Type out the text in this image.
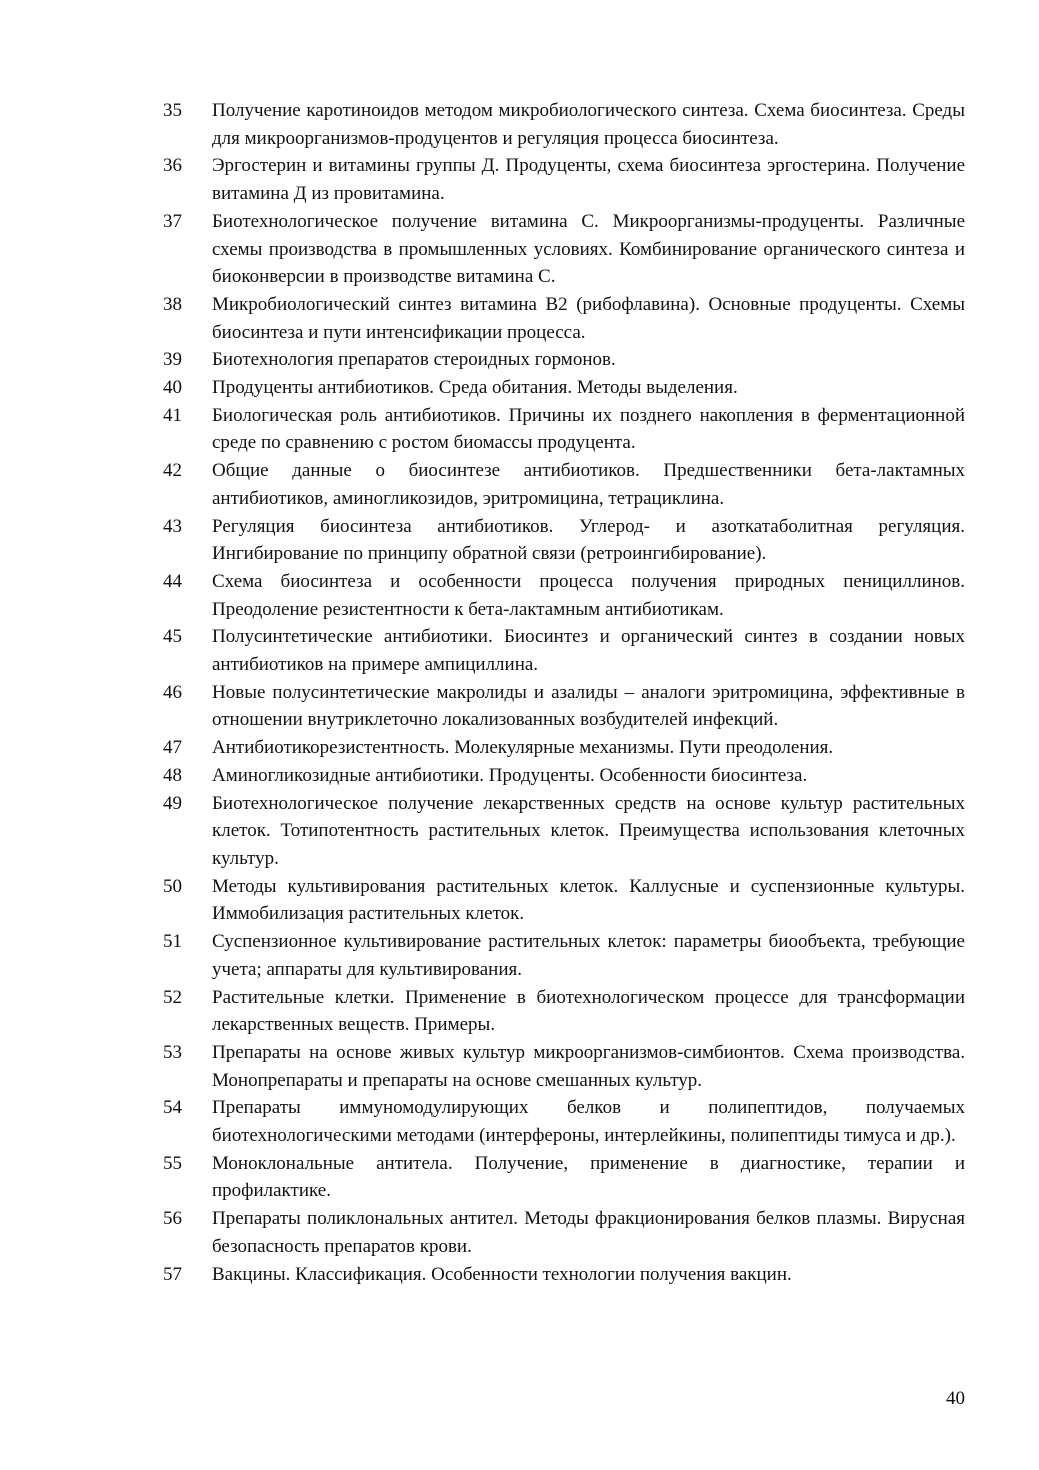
35	Получение каротиноидов методом микробиологического синтеза. Схема биосинтеза. Среды для микроорганизмов-продуцентов и регуляция процесса биосинтеза.
36	Эргостерин и витамины группы Д. Продуценты, схема биосинтеза эргостерина. Получение витамина Д из провитамина.
37	Биотехнологическое получение витамина С. Микроорганизмы-продуценты. Различные схемы производства в промышленных условиях. Комбинирование органического синтеза и биоконверсии в производстве витамина С.
38	Микробиологический синтез витамина В2 (рибофлавина). Основные продуценты. Схемы биосинтеза и пути интенсификации процесса.
39	Биотехнология препаратов стероидных гормонов.
40	Продуценты антибиотиков. Среда обитания. Методы выделения.
41	Биологическая роль антибиотиков. Причины их позднего накопления в ферментационной среде по сравнению с ростом биомассы продуцента.
42	Общие данные о биосинтезе антибиотиков. Предшественники бета-лактамных антибиотиков, аминогликозидов, эритромицина, тетрациклина.
43	Регуляция биосинтеза антибиотиков. Углерод- и азоткатаболитная регуляция. Ингибирование по принципу обратной связи (ретроингибирование).
44	Схема биосинтеза и особенности процесса получения природных пенициллинов. Преодоление резистентности к бета-лактамным антибиотикам.
45	Полусинтетические антибиотики. Биосинтез и органический синтез в создании новых антибиотиков на примере ампициллина.
46	Новые полусинтетические макролиды и азалиды – аналоги эритромицина, эффективные в отношении внутриклеточно локализованных возбудителей инфекций.
47	Антибиотикорезистентность. Молекулярные механизмы. Пути преодоления.
48	Аминогликозидные антибиотики. Продуценты. Особенности биосинтеза.
49	Биотехнологическое получение лекарственных средств на основе культур растительных клеток. Тотипотентность растительных клеток. Преимущества использования клеточных культур.
50	Методы культивирования растительных клеток. Каллусные и суспензионные культуры. Иммобилизация растительных клеток.
51	Суспензионное культивирование растительных клеток: параметры биообъекта, требующие учета; аппараты для культивирования.
52	Растительные клетки. Применение в биотехнологическом процессе для трансформации лекарственных веществ. Примеры.
53	Препараты на основе живых культур микроорганизмов-симбионтов. Схема производства. Монопрепараты и препараты на основе смешанных культур.
54	Препараты иммуномодулирующих белков и полипептидов, получаемых биотехнологическими методами (интерфероны, интерлейкины, полипептиды тимуса и др.).
55	Моноклональные антитела. Получение, применение в диагностике, терапии и профилактике.
56	Препараты поликлональных антител. Методы фракционирования белков плазмы. Вирусная безопасность препаратов крови.
57	Вакцины. Классификация. Особенности технологии получения вакцин.
40
